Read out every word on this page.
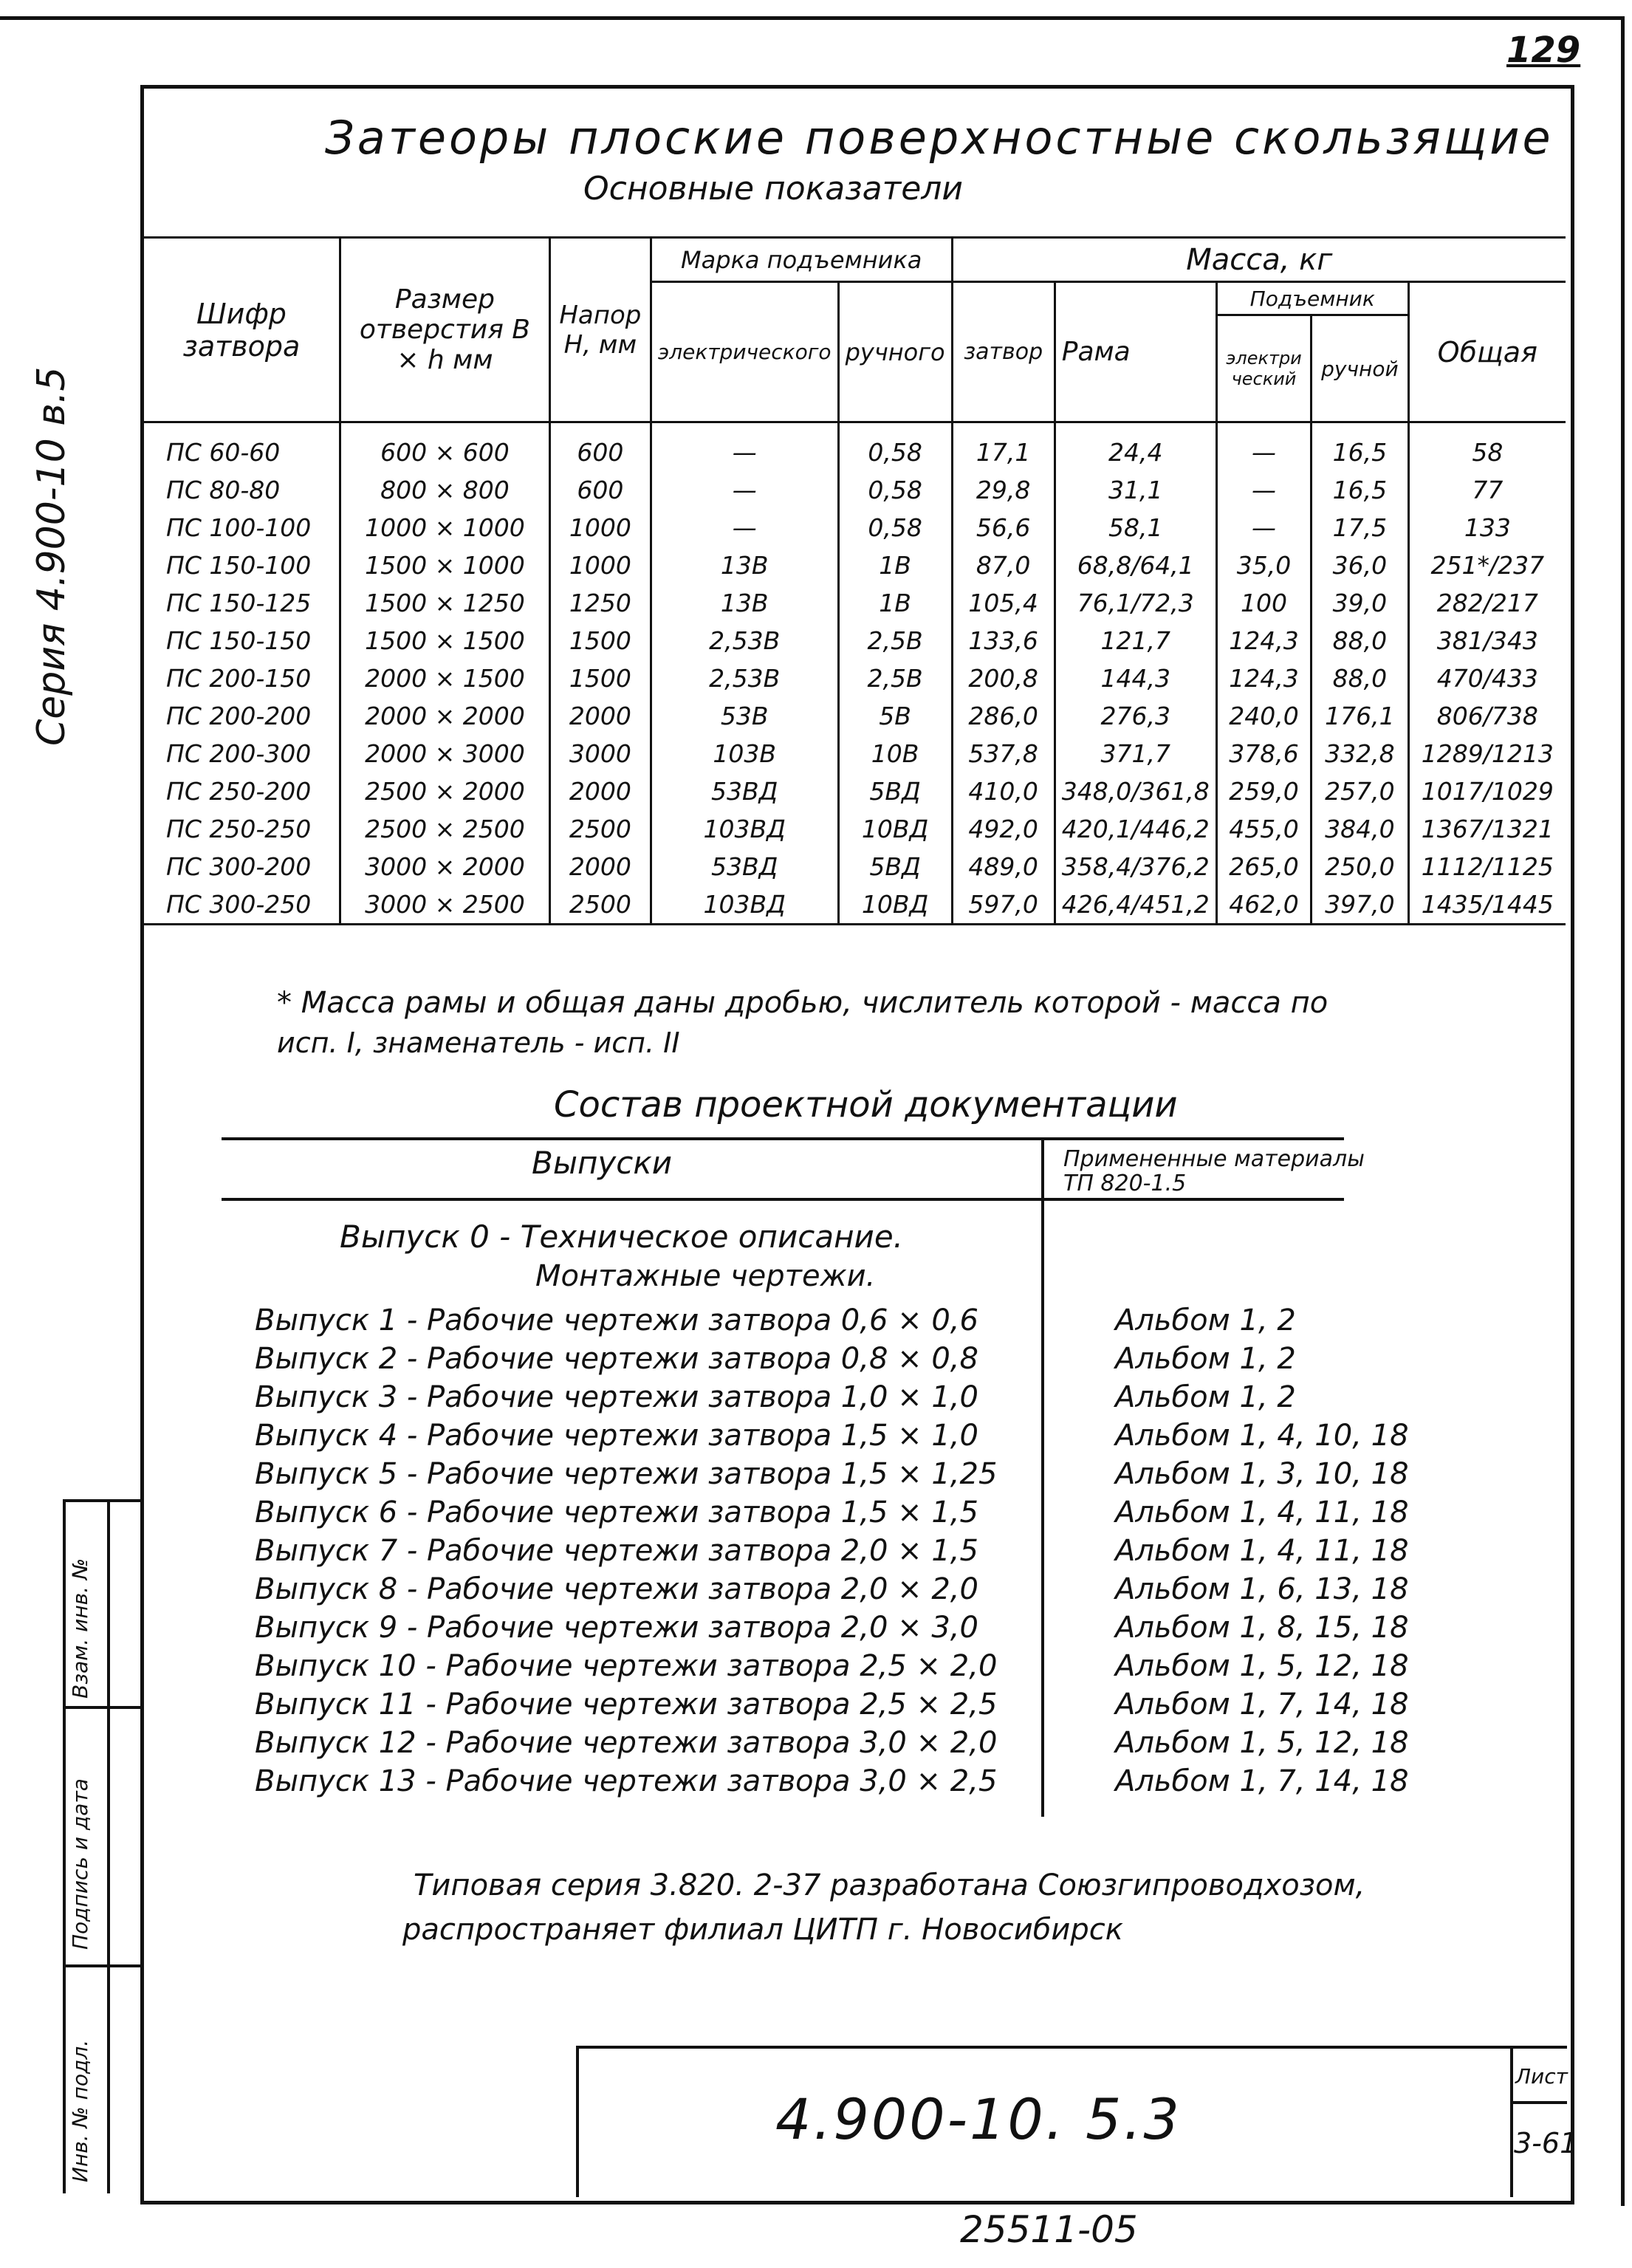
129
Серия 4.900-10 в.5
Взам. инв. №
Подпись и дата
Инв. № подл.
Затеоры плоские поверхностные скользящие
Основные показатели
Шифр затвора	Размер отверстия B × h мм	Напор H, мм	Марка подъемника		Масса, кг				
			электрического	ручного	затвор	Рама	Подъемник		Общая
							электрический	ручной	
ПС 60-60	600 × 600	600	—	0,58	17,1	24,4	—	16,5	58
ПС 80-80	800 × 800	600	—	0,58	29,8	31,1	—	16,5	77
ПС 100-100	1000 × 1000	1000	—	0,58	56,6	58,1	—	17,5	133
ПС 150-100	1500 × 1000	1000	13В	1В	87,0	68,8/64,1	35,0	36,0	251*/237
ПС 150-125	1500 × 1250	1250	13В	1В	105,4	76,1/72,3	100	39,0	282/217
ПС 150-150	1500 × 1500	1500	2,53В	2,5В	133,6	121,7	124,3	88,0	381/343
ПС 200-150	2000 × 1500	1500	2,53В	2,5В	200,8	144,3	124,3	88,0	470/433
ПС 200-200	2000 × 2000	2000	53В	5В	286,0	276,3	240,0	176,1	806/738
ПС 200-300	2000 × 3000	3000	103В	10В	537,8	371,7	378,6	332,8	1289/1213
ПС 250-200	2500 × 2000	2000	53ВД	5ВД	410,0	348,0/361,8	259,0	257,0	1017/1029
ПС 250-250	2500 × 2500	2500	103ВД	10ВД	492,0	420,1/446,2	455,0	384,0	1367/1321
ПС 300-200	3000 × 2000	2000	53ВД	5ВД	489,0	358,4/376,2	265,0	250,0	1112/1125
ПС 300-250	3000 × 2500	2500	103ВД	10ВД	597,0	426,4/451,2	462,0	397,0	1435/1445

* Масса рамы и общая даны дробью, числитель которой - масса по
исп. I, знаменатель - исп. II
Состав проектной документации
Выпуски	Примененные материалы
ТП 820-1.5
Выпуск 0 - Техническое описание.
Монтажные чертежи.
Выпуск 1 - Рабочие чертежи затвора 0,6 × 0,6	Альбом 1, 2
Выпуск 2 - Рабочие чертежи затвора 0,8 × 0,8	Альбом 1, 2
Выпуск 3 - Рабочие чертежи затвора 1,0 × 1,0	Альбом 1, 2
Выпуск 4 - Рабочие чертежи затвора 1,5 × 1,0	Альбом 1, 4, 10, 18
Выпуск 5 - Рабочие чертежи затвора 1,5 × 1,25	Альбом 1, 3, 10, 18
Выпуск 6 - Рабочие чертежи затвора 1,5 × 1,5	Альбом 1, 4, 11, 18
Выпуск 7 - Рабочие чертежи затвора 2,0 × 1,5	Альбом 1, 4, 11, 18
Выпуск 8 - Рабочие чертежи затвора 2,0 × 2,0	Альбом 1, 6, 13, 18
Выпуск 9 - Рабочие чертежи затвора 2,0 × 3,0	Альбом 1, 8, 15, 18
Выпуск 10 - Рабочие чертежи затвора 2,5 × 2,0	Альбом 1, 5, 12, 18
Выпуск 11 - Рабочие чертежи затвора 2,5 × 2,5	Альбом 1, 7, 14, 18
Выпуск 12 - Рабочие чертежи затвора 3,0 × 2,0	Альбом 1, 5, 12, 18
Выпуск 13 - Рабочие чертежи затвора 3,0 × 2,5	Альбом 1, 7, 14, 18
Типовая серия 3.820. 2-37 разработана Союзгипроводхозом,
распространяет филиал ЦИТП г. Новосибирск
4.900-10. 5.3
Лист
3-61
25511-05
